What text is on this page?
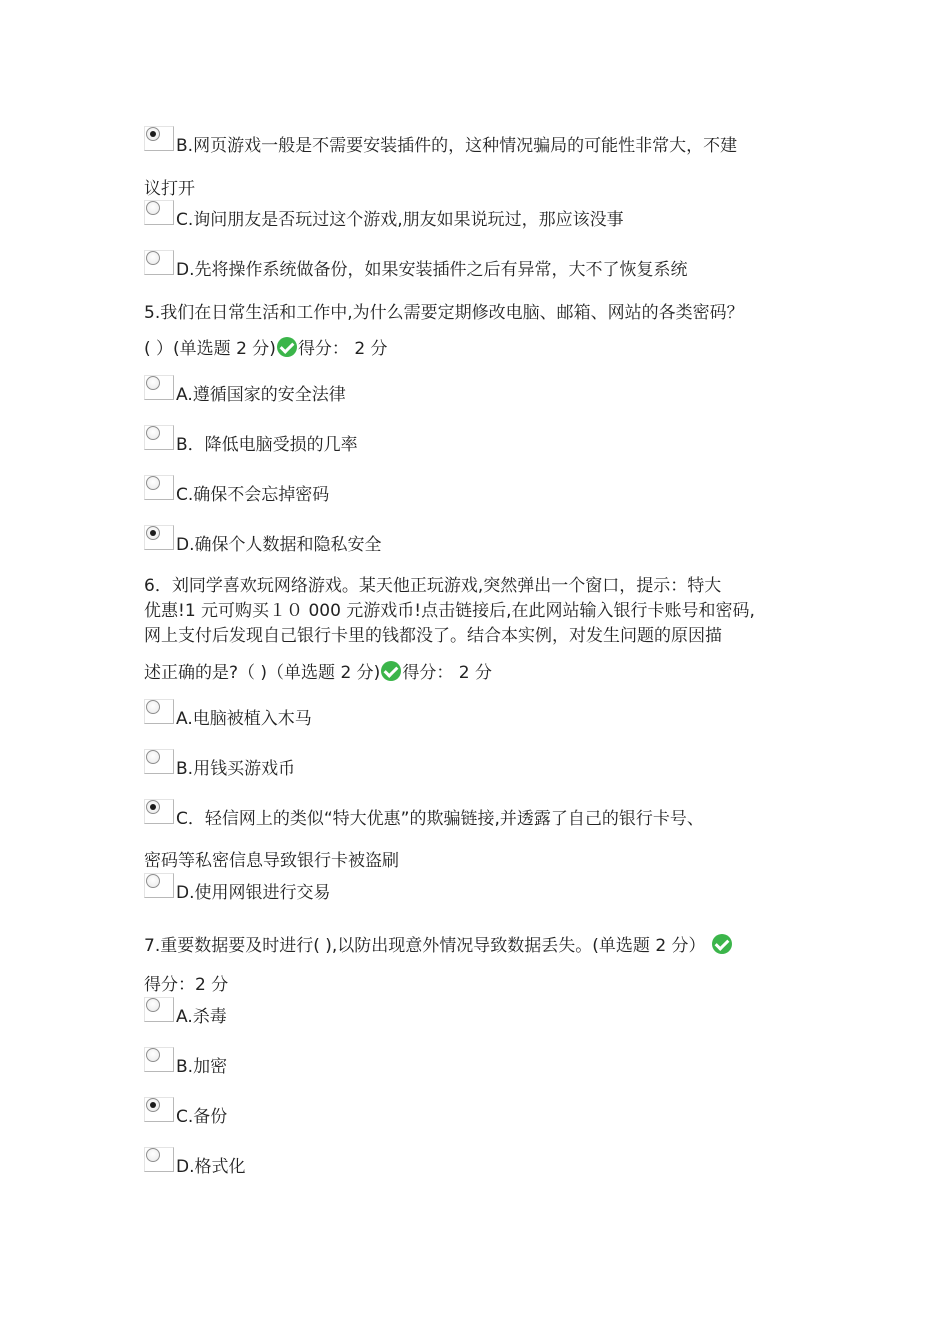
B.网页游戏一般是不需要安装插件的，这种情况骗局的可能性非常大，不建
议打开
C.询问朋友是否玩过这个游戏,朋友如果说玩过，那应该没事
D.先将操作系统做备份，如果安装插件之后有异常，大不了恢复系统
5.我们在日常生活和工作中,为什么需要定期修改电脑、邮箱、网站的各类密码？
( ）(单选题 2 分) 得分： 2 分
A.遵循国家的安全法律
B．降低电脑受损的几率
C.确保不会忘掉密码
D.确保个人数据和隐私安全
6．刘同学喜欢玩网络游戏。某天他正玩游戏,突然弹出一个窗口，提示：特大
优惠!1 元可购买１０ 000 元游戏币!点击链接后,在此网站输入银行卡账号和密码,
网上支付后发现自己银行卡里的钱都没了。结合本实例，对发生问题的原因描
述正确的是?（ )（单选题 2 分) 得分： 2 分
A.电脑被植入木马
B.用钱买游戏币
C．轻信网上的类似“特大优惠”的欺骗链接,并透露了自己的银行卡号、
密码等私密信息导致银行卡被盗刷
D.使用网银进行交易
7.重要数据要及时进行( ),以防出现意外情况导致数据丢失。(单选题 2 分）
得分：2 分
A.杀毒
B.加密
C.备份
D.格式化
